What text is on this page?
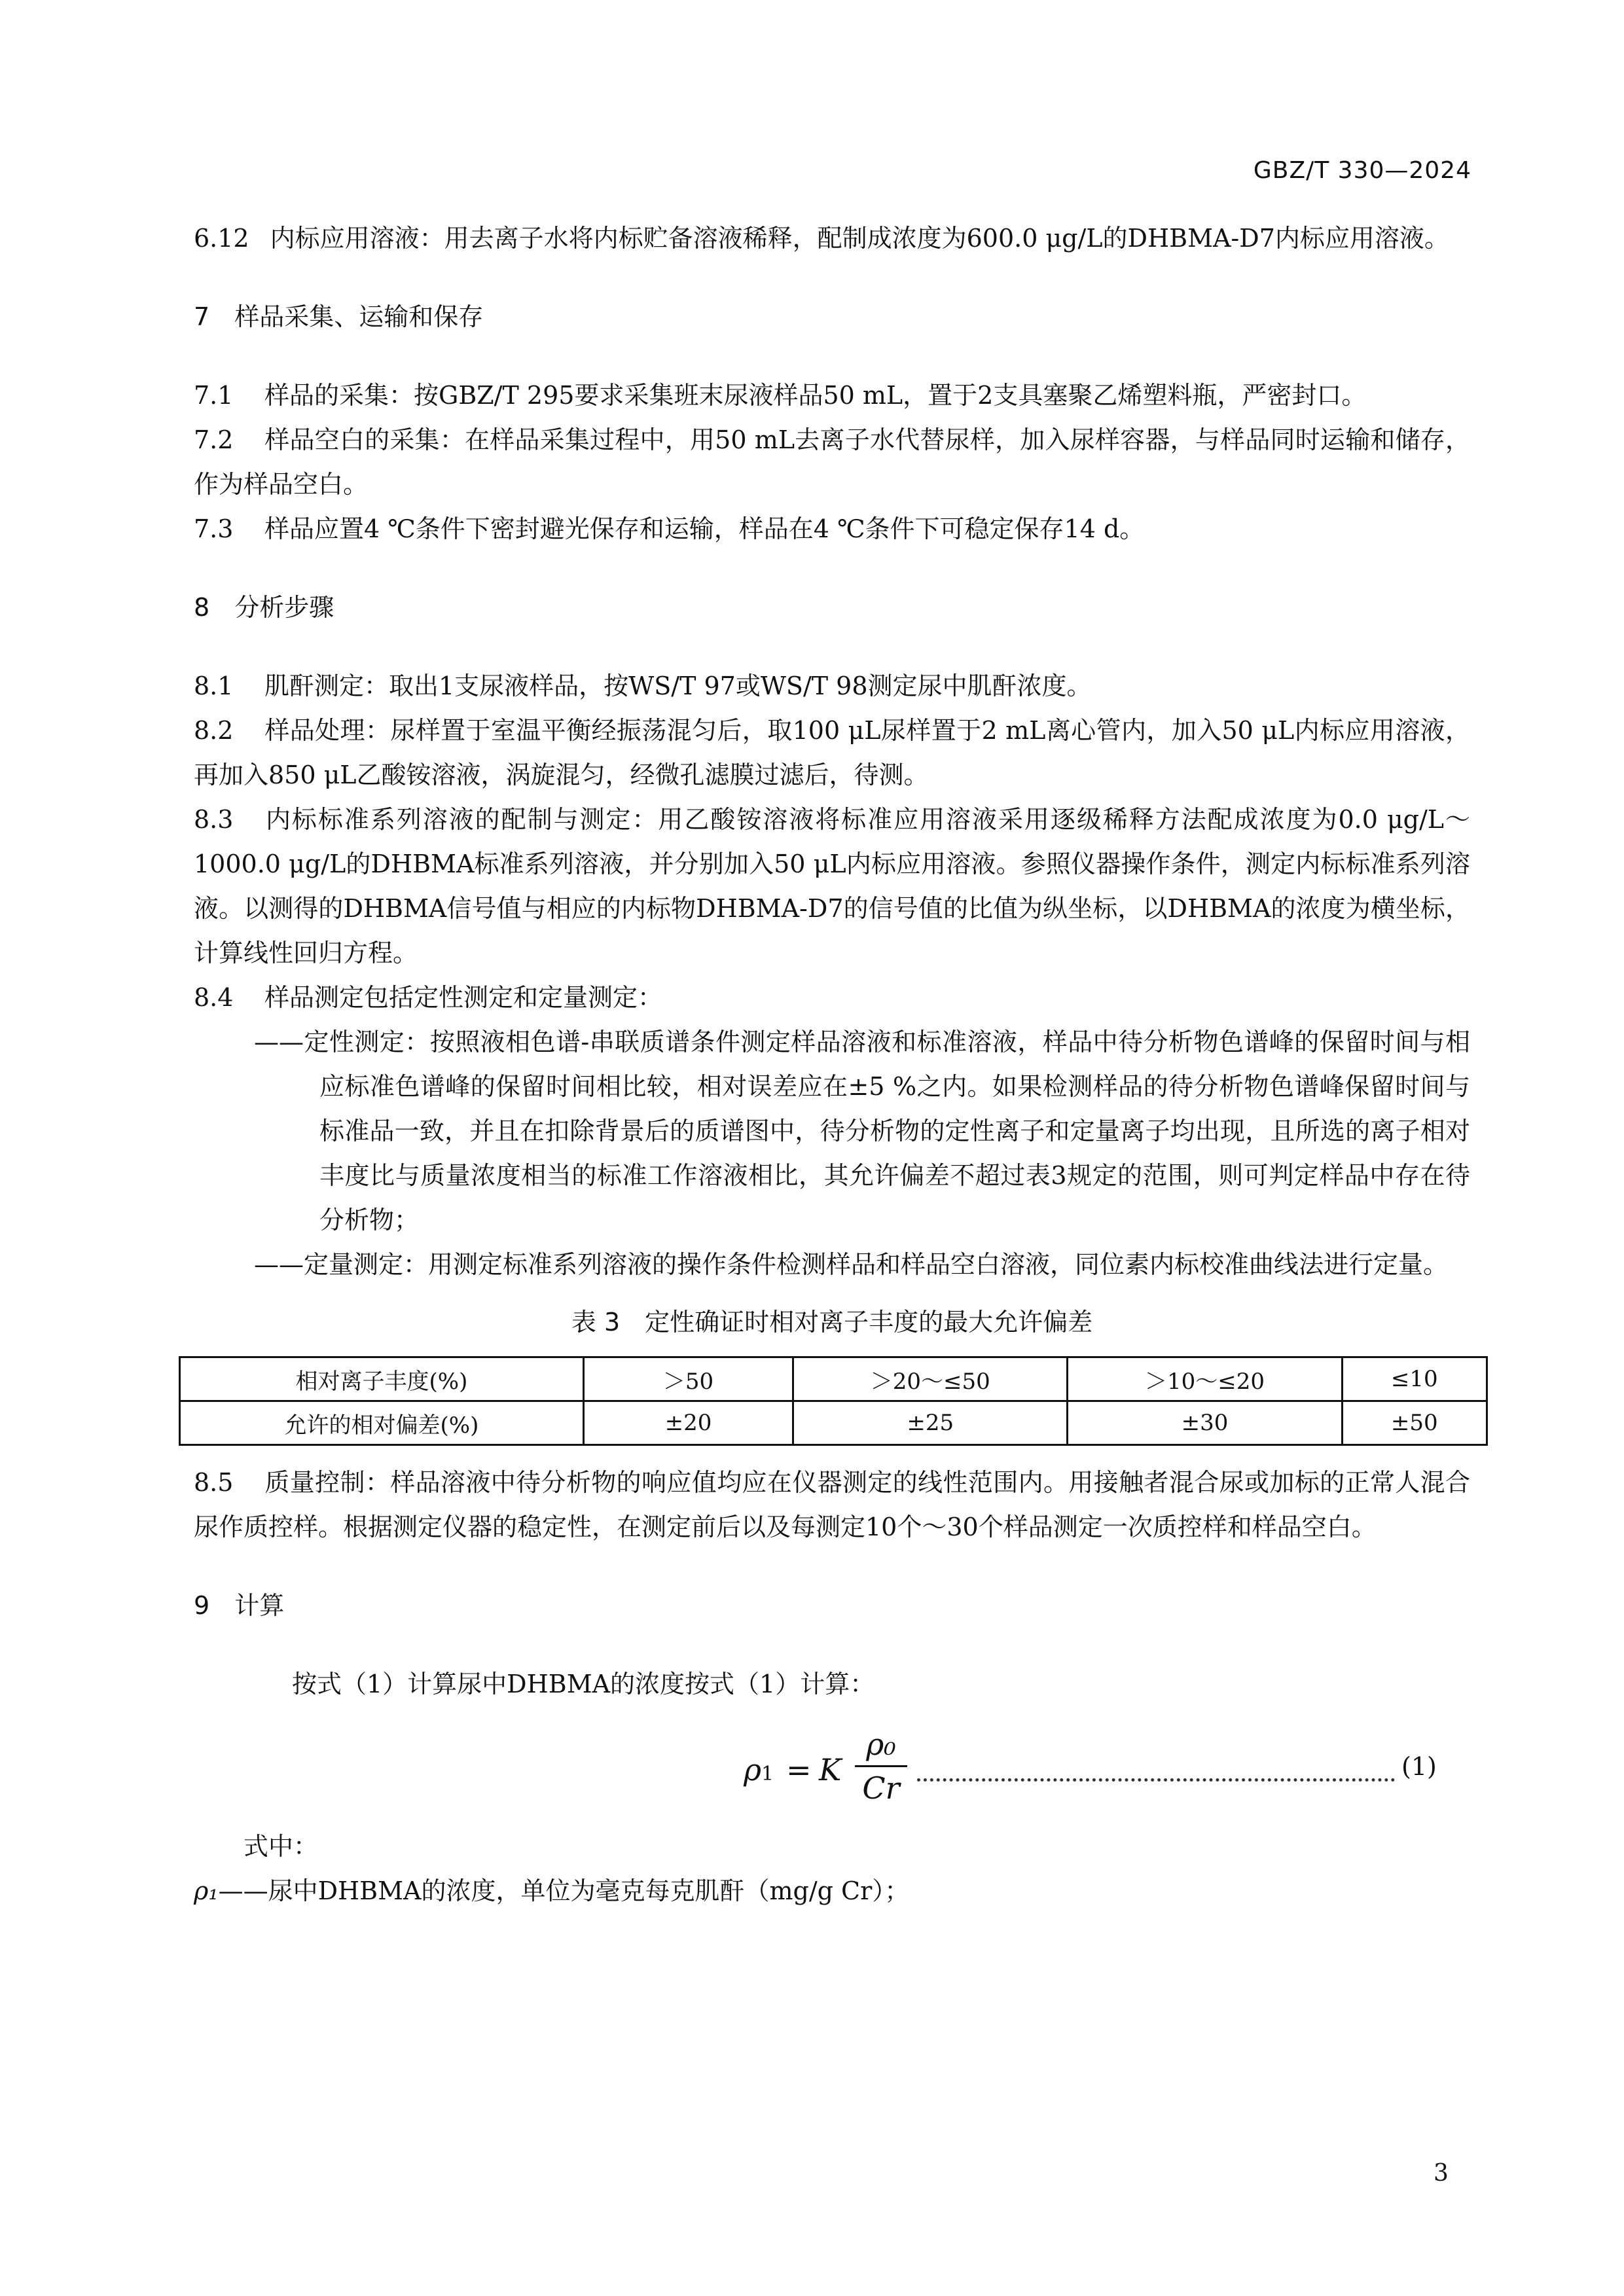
GBZ/T 330—2024

6.12 内标应用溶液：用去离子水将内标贮备溶液稀释，配制成浓度为600.0 μg/L的DHBMA-D7内标应用溶液。

7 样品采集、运输和保存

7.1 样品的采集：按GBZ/T 295要求采集班末尿液样品50 mL，置于2支具塞聚乙烯塑料瓶，严密封口。

7.2 样品空白的采集：在样品采集过程中，用50 mL去离子水代替尿样，加入尿样容器，与样品同时运输和储存，作为样品空白。

7.3 样品应置4 ℃条件下密封避光保存和运输，样品在4 ℃条件下可稳定保存14 d。

8 分析步骤

8.1 肌酐测定：取出1支尿液样品，按WS/T 97或WS/T 98测定尿中肌酐浓度。

8.2 样品处理：尿样置于室温平衡经振荡混匀后，取100 μL尿样置于2 mL离心管内，加入50 μL内标应用溶液，再加入850 μL乙酸铵溶液，涡旋混匀，经微孔滤膜过滤后，待测。

8.3 内标标准系列溶液的配制与测定：用乙酸铵溶液将标准应用溶液采用逐级稀释方法配成浓度为0.0 μg/L～1000.0 μg/L的DHBMA标准系列溶液，并分别加入50 μL内标应用溶液。参照仪器操作条件，测定内标标准系列溶液。以测得的DHBMA信号值与相应的内标物DHBMA-D7的信号值的比值为纵坐标，以DHBMA的浓度为横坐标，计算线性回归方程。

8.4 样品测定包括定性测定和定量测定：

——定性测定：按照液相色谱-串联质谱条件测定样品溶液和标准溶液，样品中待分析物色谱峰的保留时间与相应标准色谱峰的保留时间相比较，相对误差应在±5 %之内。如果检测样品的待分析物色谱峰保留时间与标准品一致，并且在扣除背景后的质谱图中，待分析物的定性离子和定量离子均出现，且所选的离子相对丰度比与质量浓度相当的标准工作溶液相比，其允许偏差不超过表3规定的范围，则可判定样品中存在待分析物；

——定量测定：用测定标准系列溶液的操作条件检测样品和样品空白溶液，同位素内标校准曲线法进行定量。

表 3　定性确证时相对离子丰度的最大允许偏差
相对离子丰度(%)	＞50	＞20～≤50	＞10～≤20	≤10
允许的相对偏差(%)	±20	±25	±30	±50

8.5 质量控制：样品溶液中待分析物的响应值均应在仪器测定的线性范围内。用接触者混合尿或加标的正常人混合尿作质控样。根据测定仪器的稳定性，在测定前后以及每测定10个～30个样品测定一次质控样和样品空白。

9 计算

按式（1）计算尿中DHBMA的浓度按式（1）计算：

ρ1 = K
ρ₀
Cr
(1)

式中：

ρ₁——尿中DHBMA的浓度，单位为毫克每克肌酐（mg/g Cr）；

3
